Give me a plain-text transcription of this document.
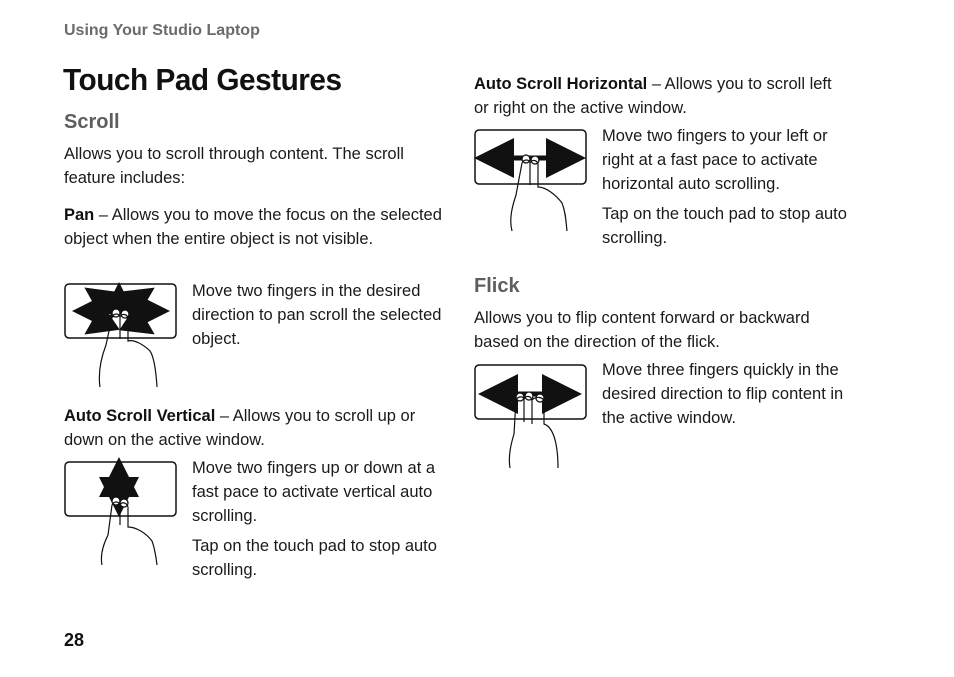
Using Your Studio Laptop
Touch Pad Gestures
Scroll
Allows you to scroll through content. The scroll feature includes:
Pan – Allows you to move the focus on the selected object when the entire object is not visible.
Move two fingers in the desired direction to pan scroll the selected object.
Auto Scroll Vertical – Allows you to scroll up or down on the active window.
Move two fingers up or down at a fast pace to activate vertical auto scrolling.
Tap on the touch pad to stop auto scrolling.
Auto Scroll Horizontal – Allows you to scroll left or right on the active window.
Move two fingers to your left or right at a fast pace to activate horizontal auto scrolling.
Tap on the touch pad to stop auto scrolling.
Flick
Allows you to flip content forward or backward based on the direction of the flick.
Move three fingers quickly in the desired direction to flip content in the active window.
28
